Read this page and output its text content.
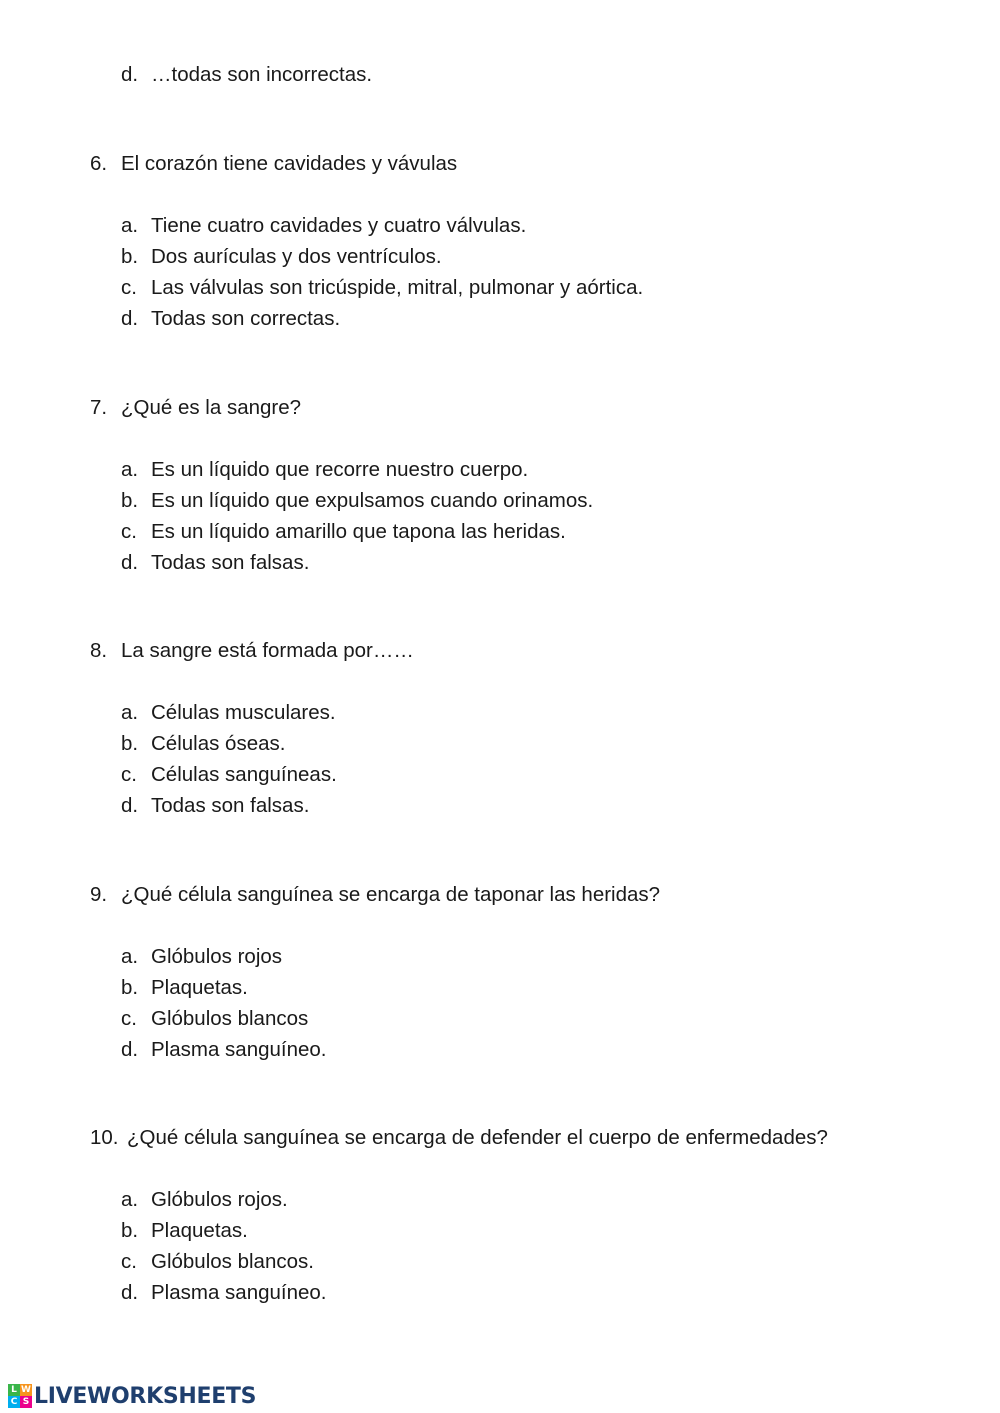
d. …todas son incorrectas.
6. El corazón tiene cavidades y vávulas
a. Tiene cuatro cavidades y cuatro válvulas.
b. Dos aurículas y dos ventrículos.
c. Las válvulas son tricúspide, mitral, pulmonar y aórtica.
d. Todas son correctas.
7. ¿Qué es la sangre?
a. Es un líquido que recorre nuestro cuerpo.
b. Es un líquido que expulsamos cuando orinamos.
c. Es un líquido amarillo que tapona las heridas.
d. Todas son falsas.
8. La sangre está formada por……
a. Células musculares.
b. Células óseas.
c. Células sanguíneas.
d. Todas son falsas.
9. ¿Qué célula sanguínea se encarga de taponar las heridas?
a. Glóbulos rojos
b. Plaquetas.
c. Glóbulos blancos
d. Plasma sanguíneo.
10. ¿Qué célula sanguínea se encarga de defender el cuerpo de enfermedades?
a. Glóbulos rojos.
b. Plaquetas.
c. Glóbulos blancos.
d. Plasma sanguíneo.
L W
C S LIVEWORKSHEETS
